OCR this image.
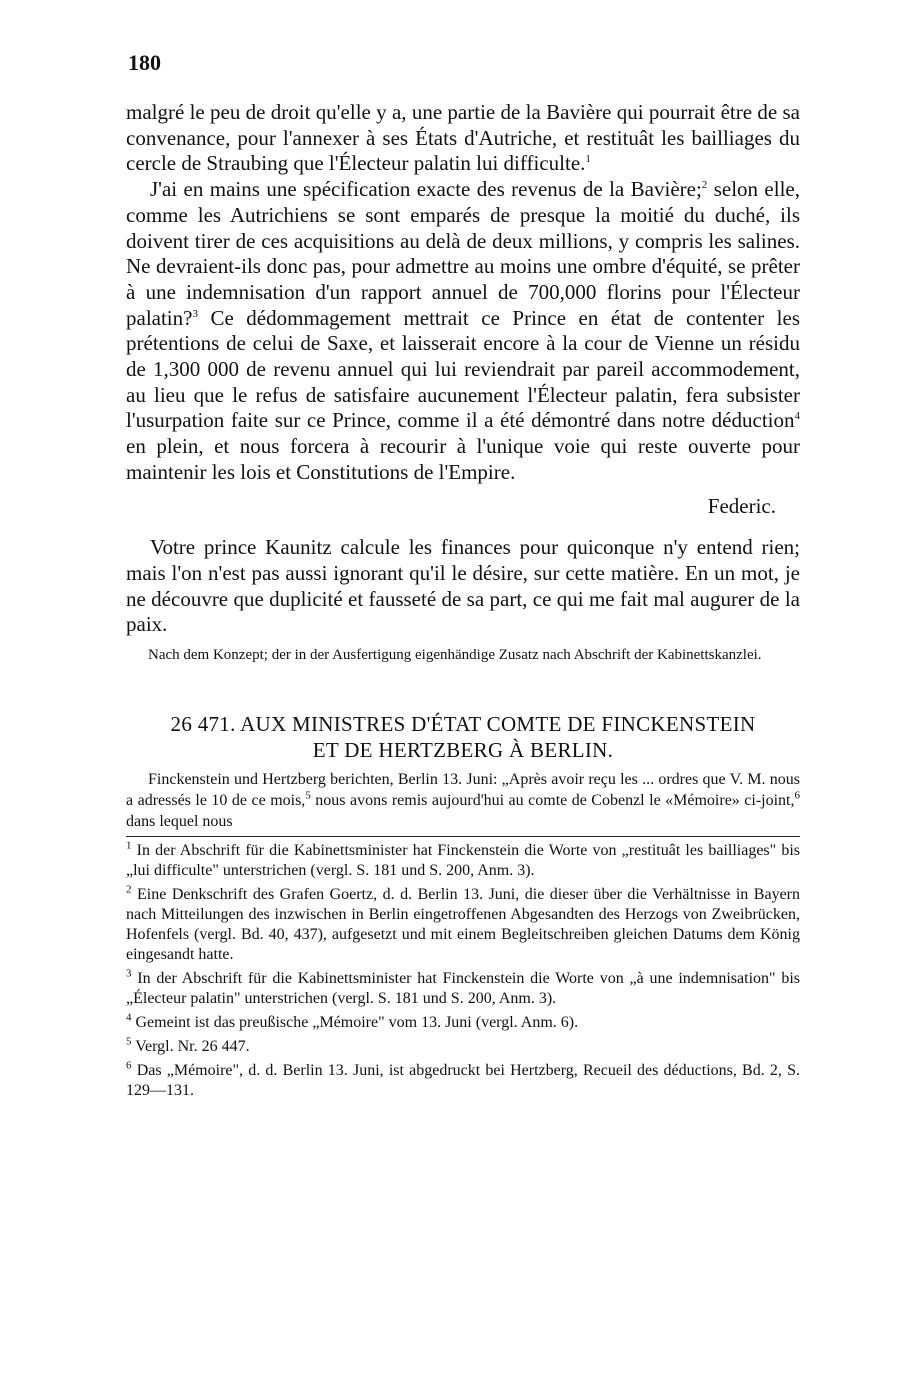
180

malgré le peu de droit qu'elle y a, une partie de la Bavière qui pourrait être de sa convenance, pour l'annexer à ses États d'Autriche, et restituât les bailliages du cercle de Straubing que l'Électeur palatin lui difficulte.$^1$

J'ai en mains une spécification exacte des revenus de la Bavière;$^2$ selon elle, comme les Autrichiens se sont emparés de presque la moitié du duché, ils doivent tirer de ces acquisitions au delà de deux millions, y compris les salines. Ne devraient-ils donc pas, pour admettre au moins une ombre d'équité, se prêter à une indemnisation d'un rapport annuel de 700,000 florins pour l'Électeur palatin?$^3$ Ce dédommagement mettrait ce Prince en état de contenter les prétentions de celui de Saxe, et laisserait encore à la cour de Vienne un résidu de 1,300 000 de revenu annuel qui lui reviendrait par pareil accommodement, au lieu que le refus de satisfaire aucunement l'Électeur palatin, fera subsister l'usurpation faite sur ce Prince, comme il a été démontré dans notre déduction$^4$ en plein, et nous forcera à recourir à l'unique voie qui reste ouverte pour maintenir les lois et Constitutions de l'Empire.

Federic.

Votre prince Kaunitz calcule les finances pour quiconque n'y entend rien; mais l'on n'est pas aussi ignorant qu'il le désire, sur cette matière. En un mot, je ne découvre que duplicité et fausseté de sa part, ce qui me fait mal augurer de la paix.

Nach dem Konzept; der in der Ausfertigung eigenhändige Zusatz nach Abschrift der Kabinettskanzlei.

26 471. AUX MINISTRES D'ÉTAT COMTE DE FINCKENSTEIN
ET DE HERTZBERG À BERLIN.

Finckenstein und Hertzberg berichten, Berlin 13. Juni: „Après avoir reçu les ... ordres que V. M. nous a adressés le 10 de ce mois,$^5$ nous avons remis aujourd'hui au comte de Cobenzl le «Mémoire» ci-joint,$^6$ dans lequel nous

$^1$ In der Abschrift für die Kabinettsminister hat Finckenstein die Worte von „restituât les bailliages" bis „lui difficulte" unterstrichen (vergl. S. 181 und S. 200, Anm. 3).

$^2$ Eine Denkschrift des Grafen Goertz, d. d. Berlin 13. Juni, die dieser über die Verhältnisse in Bayern nach Mitteilungen des inzwischen in Berlin eingetroffenen Abgesandten des Herzogs von Zweibrücken, Hofenfels (vergl. Bd. 40, 437), aufgesetzt und mit einem Begleitschreiben gleichen Datums dem König eingesandt hatte.

$^3$ In der Abschrift für die Kabinettsminister hat Finckenstein die Worte von „à une indemnisation" bis „Électeur palatin" unterstrichen (vergl. S. 181 und S. 200, Anm. 3).

$^4$ Gemeint ist das preußische „Mémoire" vom 13. Juni (vergl. Anm. 6).

$^5$ Vergl. Nr. 26 447.

$^6$ Das „Mémoire", d. d. Berlin 13. Juni, ist abgedruckt bei Hertzberg, Recueil des déductions, Bd. 2, S. 129—131.
